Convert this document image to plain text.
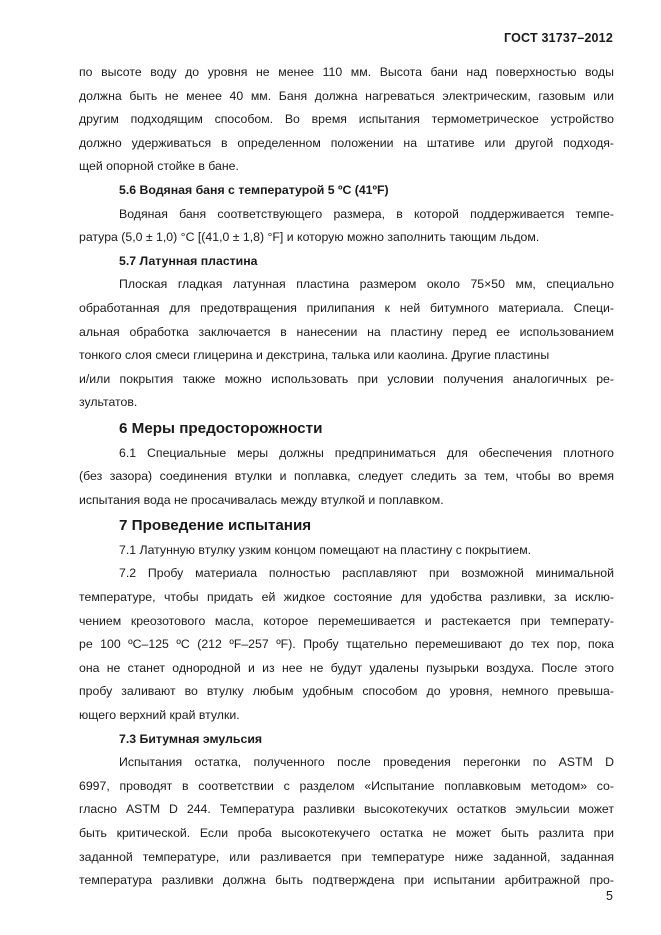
ГОСТ 31737–2012
по высоте воду до уровня не менее 110 мм. Высота бани над поверхностью воды
должна быть не менее 40 мм. Баня должна нагреваться электрическим, газовым или
другим подходящим способом. Во время испытания термометрическое устройство
должно удерживаться в определенном положении на штативе или другой подходя-
щей опорной стойке в бане.
5.6 Водяная баня с температурой 5 ºС (41ºF)
Водяная баня соответствующего размера, в которой поддерживается темпе-
ратура (5,0 ± 1,0) °С [(41,0 ± 1,8) °F] и которую можно заполнить тающим льдом.
5.7 Латунная пластина
Плоская гладкая латунная пластина размером около 75×50 мм, специально
обработанная для предотвращения прилипания к ней битумного материала. Специ-
альная обработка заключается в нанесении на пластину перед ее использованием
тонкого слоя смеси глицерина и декстрина, талька или каолина. Другие пластины
и/или покрытия также можно использовать при условии получения аналогичных ре-
зультатов.
6 Меры предосторожности
6.1 Специальные меры должны предприниматься для обеспечения плотного
(без зазора) соединения втулки и поплавка, следует следить за тем, чтобы во время
испытания вода не просачивалась между втулкой и поплавком.
7 Проведение испытания
7.1 Латунную втулку узким концом помещают на пластину с покрытием.
7.2 Пробу материала полностью расплавляют при возможной минимальной
температуре, чтобы придать ей жидкое состояние для удобства разливки, за исклю-
чением креозотового масла, которое перемешивается и растекается при температу-
ре 100 ºС–125 ºС (212 ºF–257 ºF). Пробу тщательно перемешивают до тех пор, пока
она не станет однородной и из нее не будут удалены пузырьки воздуха. После этого
пробу заливают во втулку любым удобным способом до уровня, немного превыша-
ющего верхний край втулки.
7.3 Битумная эмульсия
Испытания остатка, полученного после проведения перегонки по ASTM D
6997, проводят в соответствии с разделом «Испытание поплавковым методом» со-
гласно ASTM D 244. Температура разливки высокотекучих остатков эмульсии может
быть критической. Если проба высокотекучего остатка не может быть разлита при
заданной температуре, или разливается при температуре ниже заданной, заданная
температура разливки должна быть подтверждена при испытании арбитражной про-
5
